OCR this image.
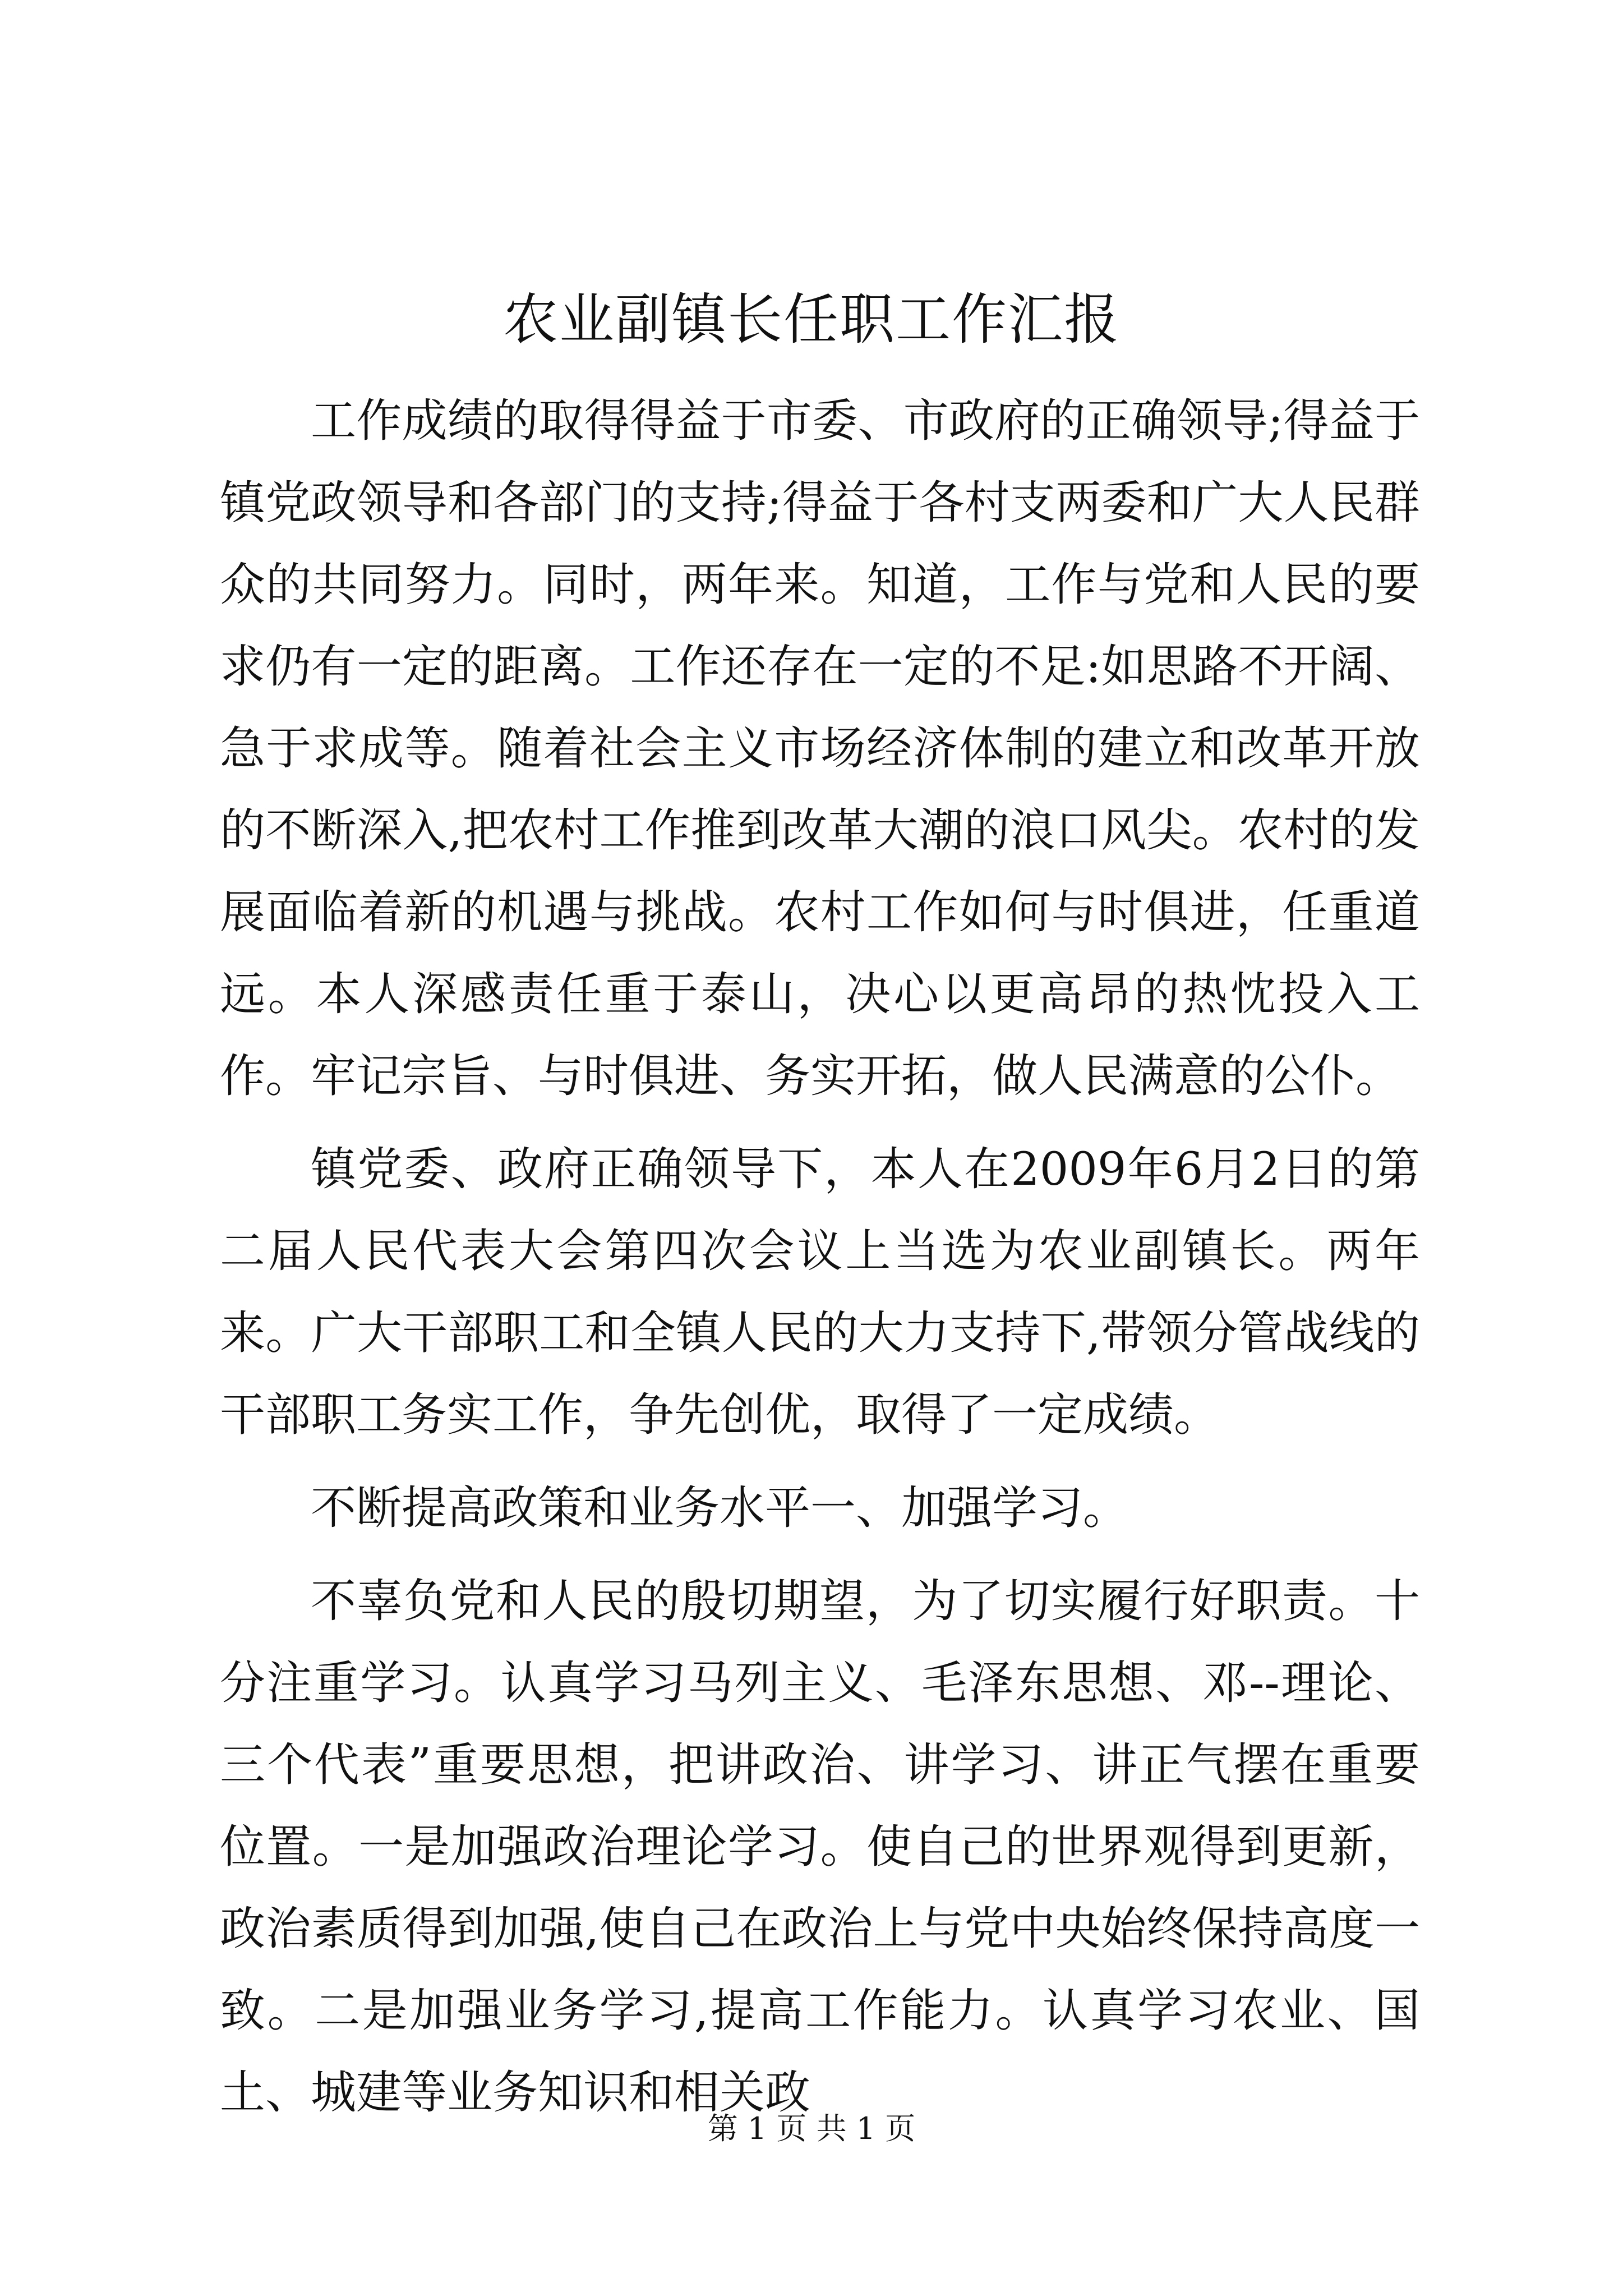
农业副镇长任职工作汇报

工作成绩的取得得益于市委、市政府的正确领导;得益于镇党政领导和各部门的支持;得益于各村支两委和广大人民群众的共同努力。同时，两年来。知道，工作与党和人民的要求仍有一定的距离。工作还存在一定的不足:如思路不开阔、急于求成等。随着社会主义市场经济体制的建立和改革开放的不断深入,把农村工作推到改革大潮的浪口风尖。农村的发展面临着新的机遇与挑战。农村工作如何与时俱进，任重道远。本人深感责任重于泰山，决心以更高昂的热忱投入工作。牢记宗旨、与时俱进、务实开拓，做人民满意的公仆。

镇党委、政府正确领导下，本人在2009年6月2日的第二届人民代表大会第四次会议上当选为农业副镇长。两年来。广大干部职工和全镇人民的大力支持下,带领分管战线的干部职工务实工作，争先创优，取得了一定成绩。

不断提高政策和业务水平一、加强学习。

不辜负党和人民的殷切期望，为了切实履行好职责。十分注重学习。认真学习马列主义、毛泽东思想、邓--理论、三个代表”重要思想，把讲政治、讲学习、讲正气摆在重要位置。一是加强政治理论学习。使自己的世界观得到更新，政治素质得到加强,使自己在政治上与党中央始终保持高度一致。二是加强业务学习,提高工作能力。认真学习农业、国土、城建等业务知识和相关政

第 1 页 共 1 页
